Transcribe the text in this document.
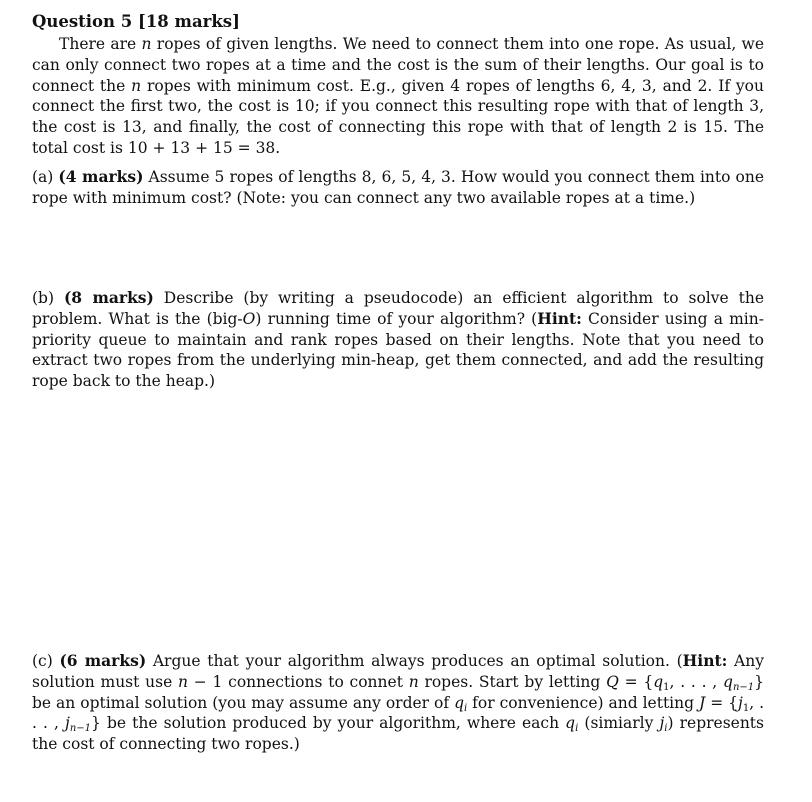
Question 5 [18 marks]

There are n ropes of given lengths. We need to connect them into one rope. As usual, we can only connect two ropes at a time and the cost is the sum of their lengths. Our goal is to connect the n ropes with minimum cost. E.g., given 4 ropes of lengths 6, 4, 3, and 2. If you connect the first two, the cost is 10; if you connect this resulting rope with that of length 3, the cost is 13, and finally, the cost of connecting this rope with that of length 2 is 15. The total cost is 10 + 13 + 15 = 38.

(a) (4 marks) Assume 5 ropes of lengths 8, 6, 5, 4, 3. How would you connect them into one rope with minimum cost? (Note: you can connect any two available ropes at a time.)

(b) (8 marks) Describe (by writing a pseudocode) an efficient algorithm to solve the problem. What is the (big-O) running time of your algorithm? (Hint: Consider using a min-priority queue to maintain and rank ropes based on their lengths. Note that you need to extract two ropes from the underlying min-heap, get them connected, and add the resulting rope back to the heap.)

(c) (6 marks) Argue that your algorithm always produces an optimal solution. (Hint: Any solution must use n − 1 connections to connet n ropes. Start by letting $Q = \{q_1$, . . . , $q_{n-1}$} be an optimal solution (you may assume any order of $q_i$ for convenience) and letting $J = \{j_1$, . . . , $j_{n-1}$} be the solution produced by your algorithm, where each $q_i$ (simiarly $j_i$) represents the cost of connecting two ropes.)
